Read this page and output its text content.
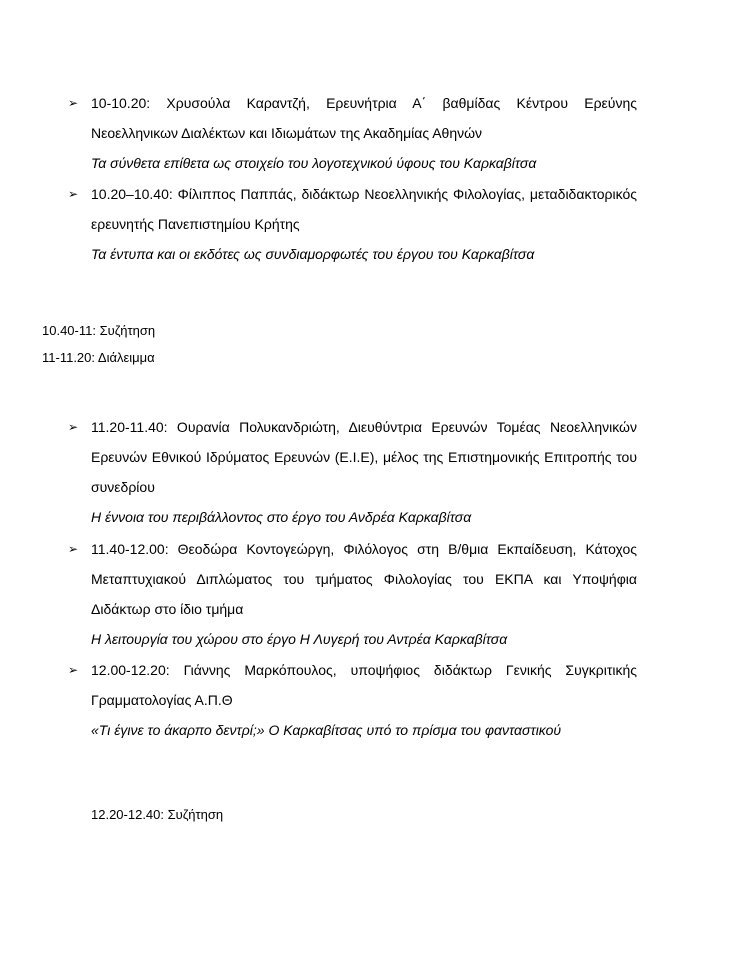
➢ 10-10.20: Χρυσούλα Καραντζή, Ερευνήτρια Α΄ βαθμίδας Κέντρου Ερεύνης Νεοελληνικων Διαλέκτων και Ιδιωμάτων της Ακαδημίας Αθηνών
Τα σύνθετα επίθετα ως στοιχείο του λογοτεχνικού ύφους του Καρκαβίτσα
➢ 10.20–10.40: Φίλιππος Παππάς, διδάκτωρ Νεοελληνικής Φιλολογίας, μεταδιδακτορικός ερευνητής Πανεπιστημίου Κρήτης
Τα έντυπα και οι εκδότες ως συνδιαμορφωτές του έργου του Καρκαβίτσα
10.40-11: Συζήτηση
11-11.20: Διάλειμμα
➢ 11.20-11.40: Ουρανία Πολυκανδριώτη, Διευθύντρια Ερευνών Τομέας Νεοελληνικών Ερευνών Εθνικού Ιδρύματος Ερευνών (Ε.Ι.Ε), μέλος της Επιστημονικής Επιτροπής του συνεδρίου
Η έννοια του περιβάλλοντος στο έργο του Ανδρέα Καρκαβίτσα
➢ 11.40-12.00: Θεοδώρα Κοντογεώργη, Φιλόλογος στη Β/θμια Εκπαίδευση, Κάτοχος Μεταπτυχιακού Διπλώματος του τμήματος Φιλολογίας του ΕΚΠΑ και Υποψήφια Διδάκτωρ στο ίδιο τμήμα
Η λειτουργία του χώρου στο έργο Η Λυγερή του Αντρέα Καρκαβίτσα
➢ 12.00-12.20: Γιάννης Μαρκόπουλος, υποψήφιος διδάκτωρ Γενικής Συγκριτικής Γραμματολογίας Α.Π.Θ
«Τι έγινε το άκαρπο δεντρί;» Ο Καρκαβίτσας υπό το πρίσμα του φανταστικού
12.20-12.40: Συζήτηση
